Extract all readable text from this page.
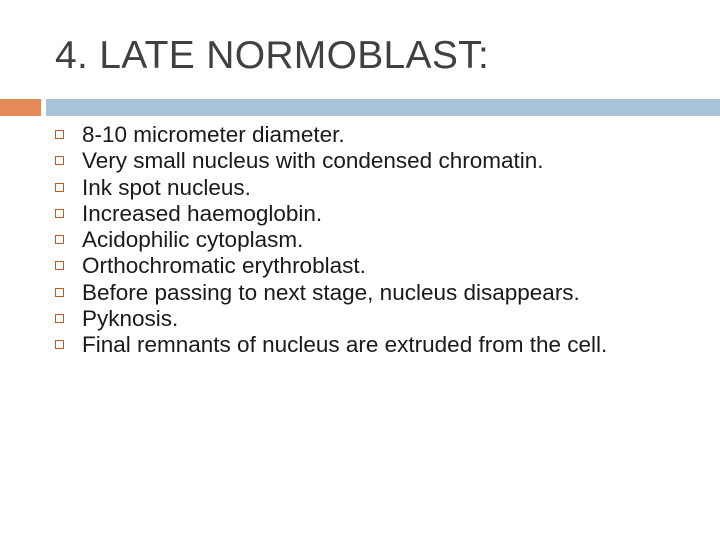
4. LATE NORMOBLAST:
8-10 micrometer diameter.
Very small nucleus with condensed chromatin.
Ink spot nucleus.
Increased haemoglobin.
Acidophilic cytoplasm.
Orthochromatic erythroblast.
Before passing to next stage, nucleus disappears.
Pyknosis.
Final remnants of nucleus are extruded from the cell.
